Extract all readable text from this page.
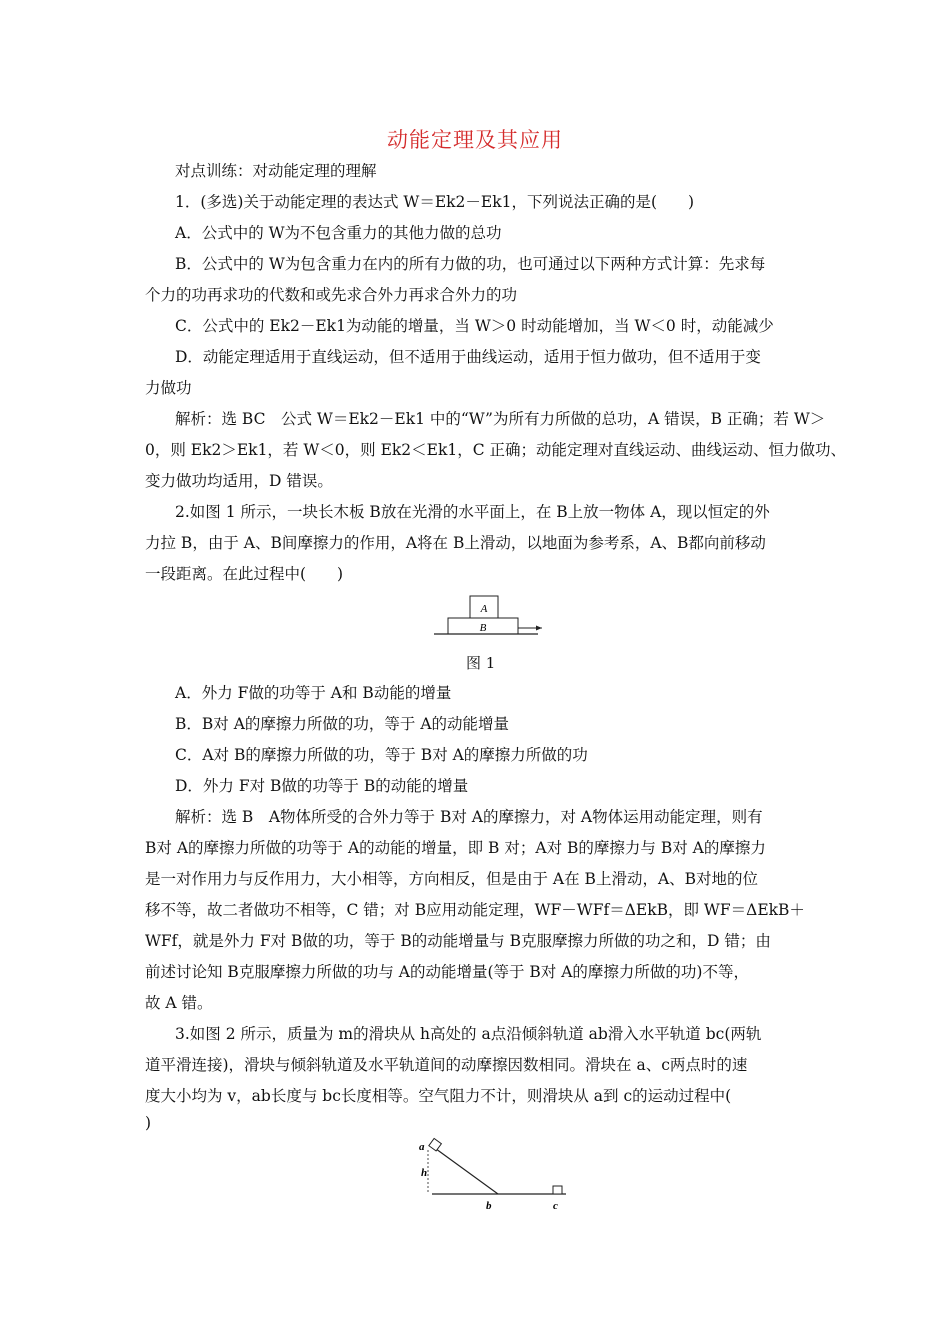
动能定理及其应用
对点训练：对动能定理的理解
1．(多选)关于动能定理的表达式 W＝Ek2－Ek1，下列说法正确的是(　　)
A．公式中的 W为不包含重力的其他力做的总功
B．公式中的 W为包含重力在内的所有力做的功，也可通过以下两种方式计算：先求每
个力的功再求功的代数和或先求合外力再求合外力的功
C．公式中的 Ek2－Ek1为动能的增量，当 W＞0 时动能增加，当 W＜0 时，动能减少
D．动能定理适用于直线运动，但不适用于曲线运动，适用于恒力做功，但不适用于变
力做功
解析：选 BC　公式 W＝Ek2－Ek1 中的“W”为所有力所做的总功，A 错误，B 正确；若 W＞
0，则 Ek2＞Ek1，若 W＜0，则 Ek2＜Ek1，C 正确；动能定理对直线运动、曲线运动、恒力做功、
变力做功均适用，D 错误。
2.如图 1 所示，一块长木板 B放在光滑的水平面上，在 B上放一物体 A，现以恒定的外
力拉 B，由于 A、B间摩擦力的作用，A将在 B上滑动，以地面为参考系，A、B都向前移动
一段距离。在此过程中(　　)
A
B
图 1
A．外力 F做的功等于 A和 B动能的增量
B．B对 A的摩擦力所做的功，等于 A的动能增量
C．A对 B的摩擦力所做的功，等于 B对 A的摩擦力所做的功
D．外力 F对 B做的功等于 B的动能的增量
解析：选 B　A物体所受的合外力等于 B对 A的摩擦力，对 A物体运用动能定理，则有
B对 A的摩擦力所做的功等于 A的动能的增量，即 B 对；A对 B的摩擦力与 B对 A的摩擦力
是一对作用力与反作用力，大小相等，方向相反，但是由于 A在 B上滑动，A、B对地的位
移不等，故二者做功不相等，C 错；对 B应用动能定理，WF－WFf＝ΔEkB，即 WF＝ΔEkB＋
WFf，就是外力 F对 B做的功，等于 B的动能增量与 B克服摩擦力所做的功之和，D 错；由
前述讨论知 B克服摩擦力所做的功与 A的动能增量(等于 B对 A的摩擦力所做的功)不等，
故 A 错。
3.如图 2 所示，质量为 m的滑块从 h高处的 a点沿倾斜轨道 ab滑入水平轨道 bc(两轨
道平滑连接)，滑块与倾斜轨道及水平轨道间的动摩擦因数相同。滑块在 a、c两点时的速
度大小均为 v，ab长度与 bc长度相等。空气阻力不计，则滑块从 a到 c的运动过程中(
)
a
h
b	c
